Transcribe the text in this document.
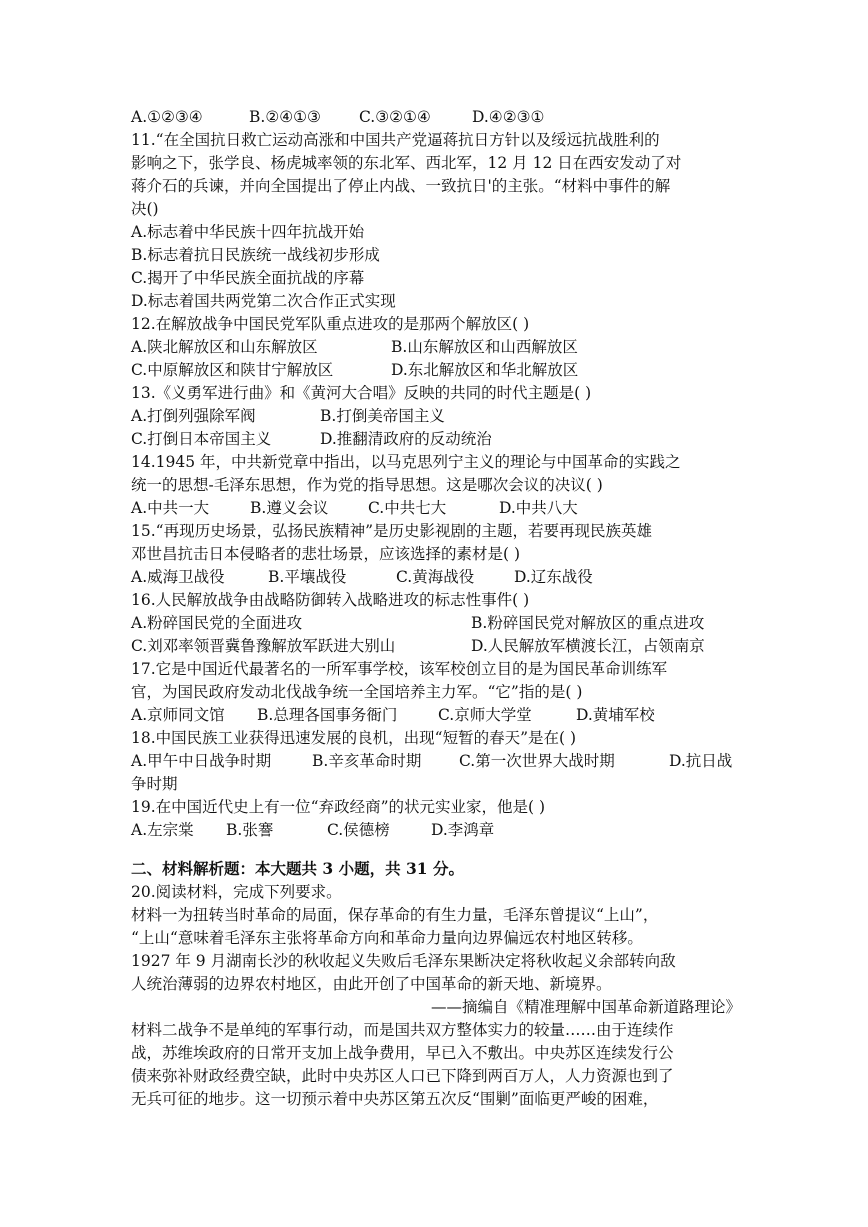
A.①②③④	B.②④①③	C.③②①④	D.④②③①
11.“在全国抗日救亡运动高涨和中国共产党逼蒋抗日方针以及绥远抗战胜利的
影响之下，张学良、杨虎城率领的东北军、西北军，12 月 12 日在西安发动了对
蒋介石的兵谏，并向全国提出了停止内战、一致抗日'的主张。“材料中事件的解
决()
A.标志着中华民族十四年抗战开始
B.标志着抗日民族统一战线初步形成
C.揭开了中华民族全面抗战的序幕
D.标志着国共两党第二次合作正式实现
12.在解放战争中国民党军队重点进攻的是那两个解放区( )
A.陕北解放区和山东解放区	B.山东解放区和山西解放区
C.中原解放区和陕甘宁解放区	D.东北解放区和华北解放区
13.《义勇军进行曲》和《黄河大合唱》反映的共同的时代主题是( )
A.打倒列强除军阀	B.打倒美帝国主义
C.打倒日本帝国主义	D.推翻清政府的反动统治
14.1945 年，中共新党章中指出，以马克思列宁主义的理论与中国革命的实践之
统一的思想-毛泽东思想，作为党的指导思想。这是哪次会议的决议( )
A.中共一大	B.遵义会议	C.中共七大	D.中共八大
15.“再现历史场景，弘扬民族精神”是历史影视剧的主题，若要再现民族英雄
邓世昌抗击日本侵略者的悲壮场景，应该选择的素材是( )
A.威海卫战役	B.平壤战役	C.黄海战役	D.辽东战役
16.人民解放战争由战略防御转入战略进攻的标志性事件( )
A.粉碎国民党的全面进攻	B.粉碎国民党对解放区的重点进攻
C.刘邓率领晋冀鲁豫解放军跃进大别山	D.人民解放军横渡长江，占领南京
17.它是中国近代最著名的一所军事学校，该军校创立目的是为国民革命训练军
官，为国民政府发动北伐战争统一全国培养主力军。“它”指的是( )
A.京师同文馆	B.总理各国事务衙门	C.京师大学堂	D.黄埔军校
18.中国民族工业获得迅速发展的良机，出现“短暂的春天”是在( )
A.甲午中日战争时期	B.辛亥革命时期	C.第一次世界大战时期	D.抗日战
争时期
19.在中国近代史上有一位“弃政经商”的状元实业家，他是( )
A.左宗棠	B.张謇	C.侯德榜	D.李鸿章
二、材料解析题：本大题共 3 小题，共 31 分。
20.阅读材料，完成下列要求。
材料一为扭转当时革命的局面，保存革命的有生力量，毛泽东曾提议“上山”，
“上山“意味着毛泽东主张将革命方向和革命力量向边界偏远农村地区转移。
1927 年 9 月湖南长沙的秋收起义失败后毛泽东果断决定将秋收起义余部转向敌
人统治薄弱的边界农村地区，由此开创了中国革命的新天地、新境界。
——摘编自《精准理解中国革命新道路理论》
材料二战争不是单纯的军事行动，而是国共双方整体实力的较量……由于连续作
战，苏维埃政府的日常开支加上战争费用，早已入不敷出。中央苏区连续发行公
债来弥补财政经费空缺，此时中央苏区人口已下降到两百万人，人力资源也到了
无兵可征的地步。这一切预示着中央苏区第五次反“围剿”面临更严峻的困难，
